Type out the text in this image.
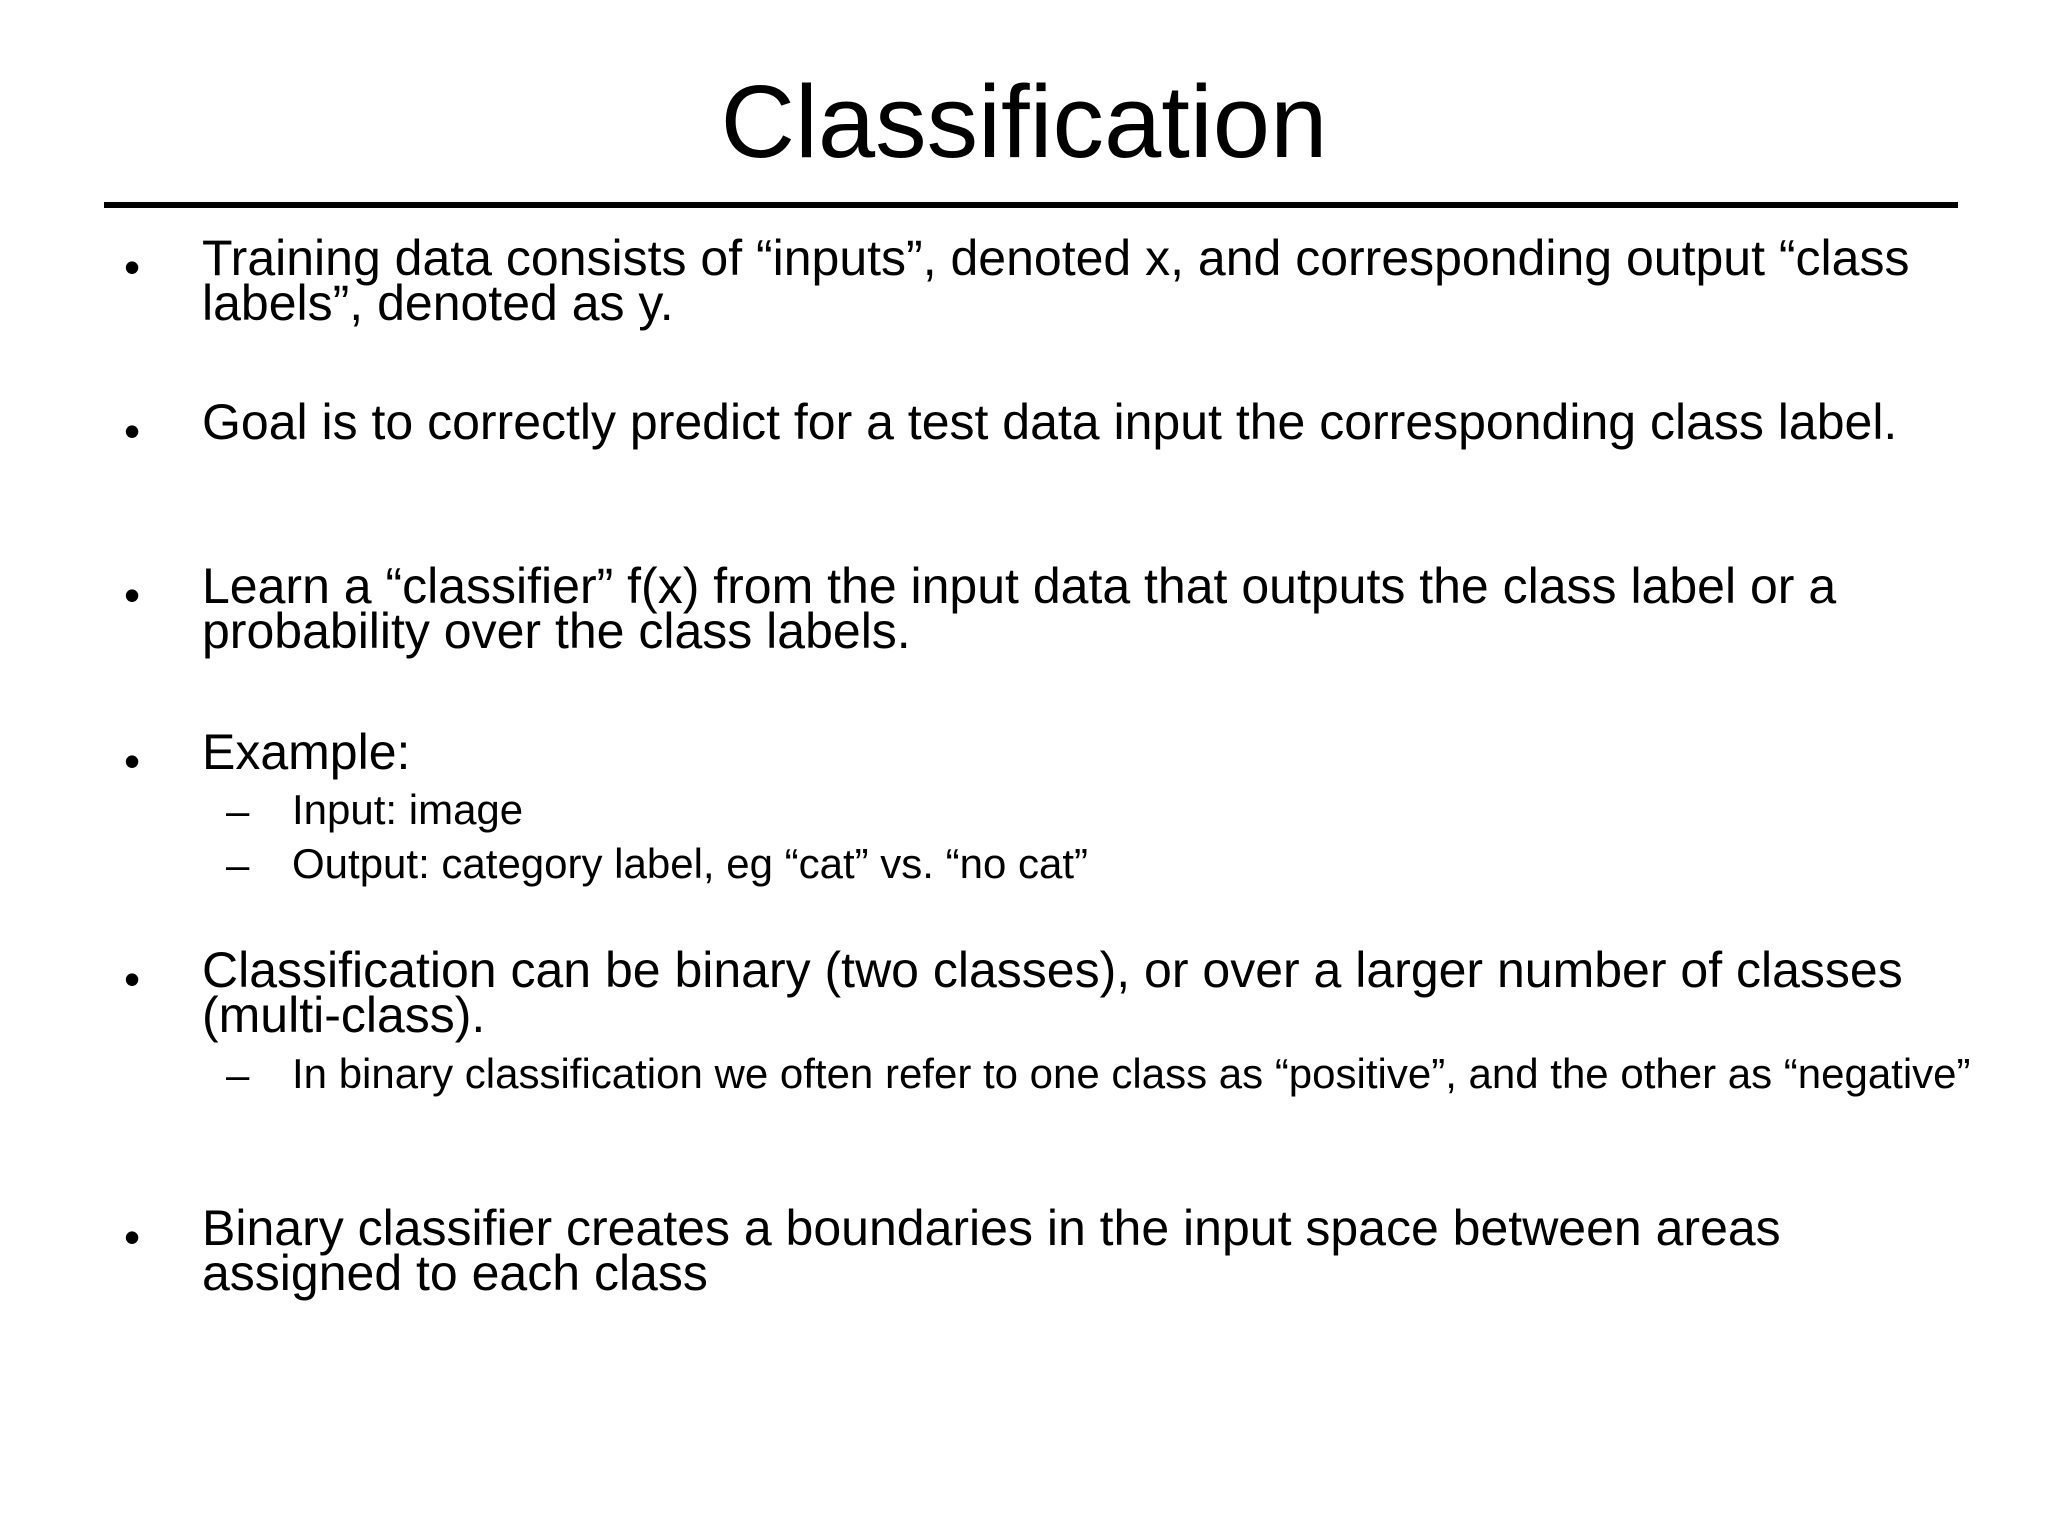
Classification
• Training data consists of “inputs”, denoted x, and corresponding output “class labels”, denoted as y.
• Goal is to correctly predict for a test data input the corresponding class label.
• Learn a “classifier” f(x) from the input data that outputs the class label or a probability over the class labels.
• Example:
– Input: image
– Output: category label, eg “cat” vs. “no cat”
• Classification can be binary (two classes), or over a larger number of classes (multi-class).
– In binary classification we often refer to one class as “positive”, and the other as “negative”
• Binary classifier creates a boundaries in the input space between areas assigned to each class
